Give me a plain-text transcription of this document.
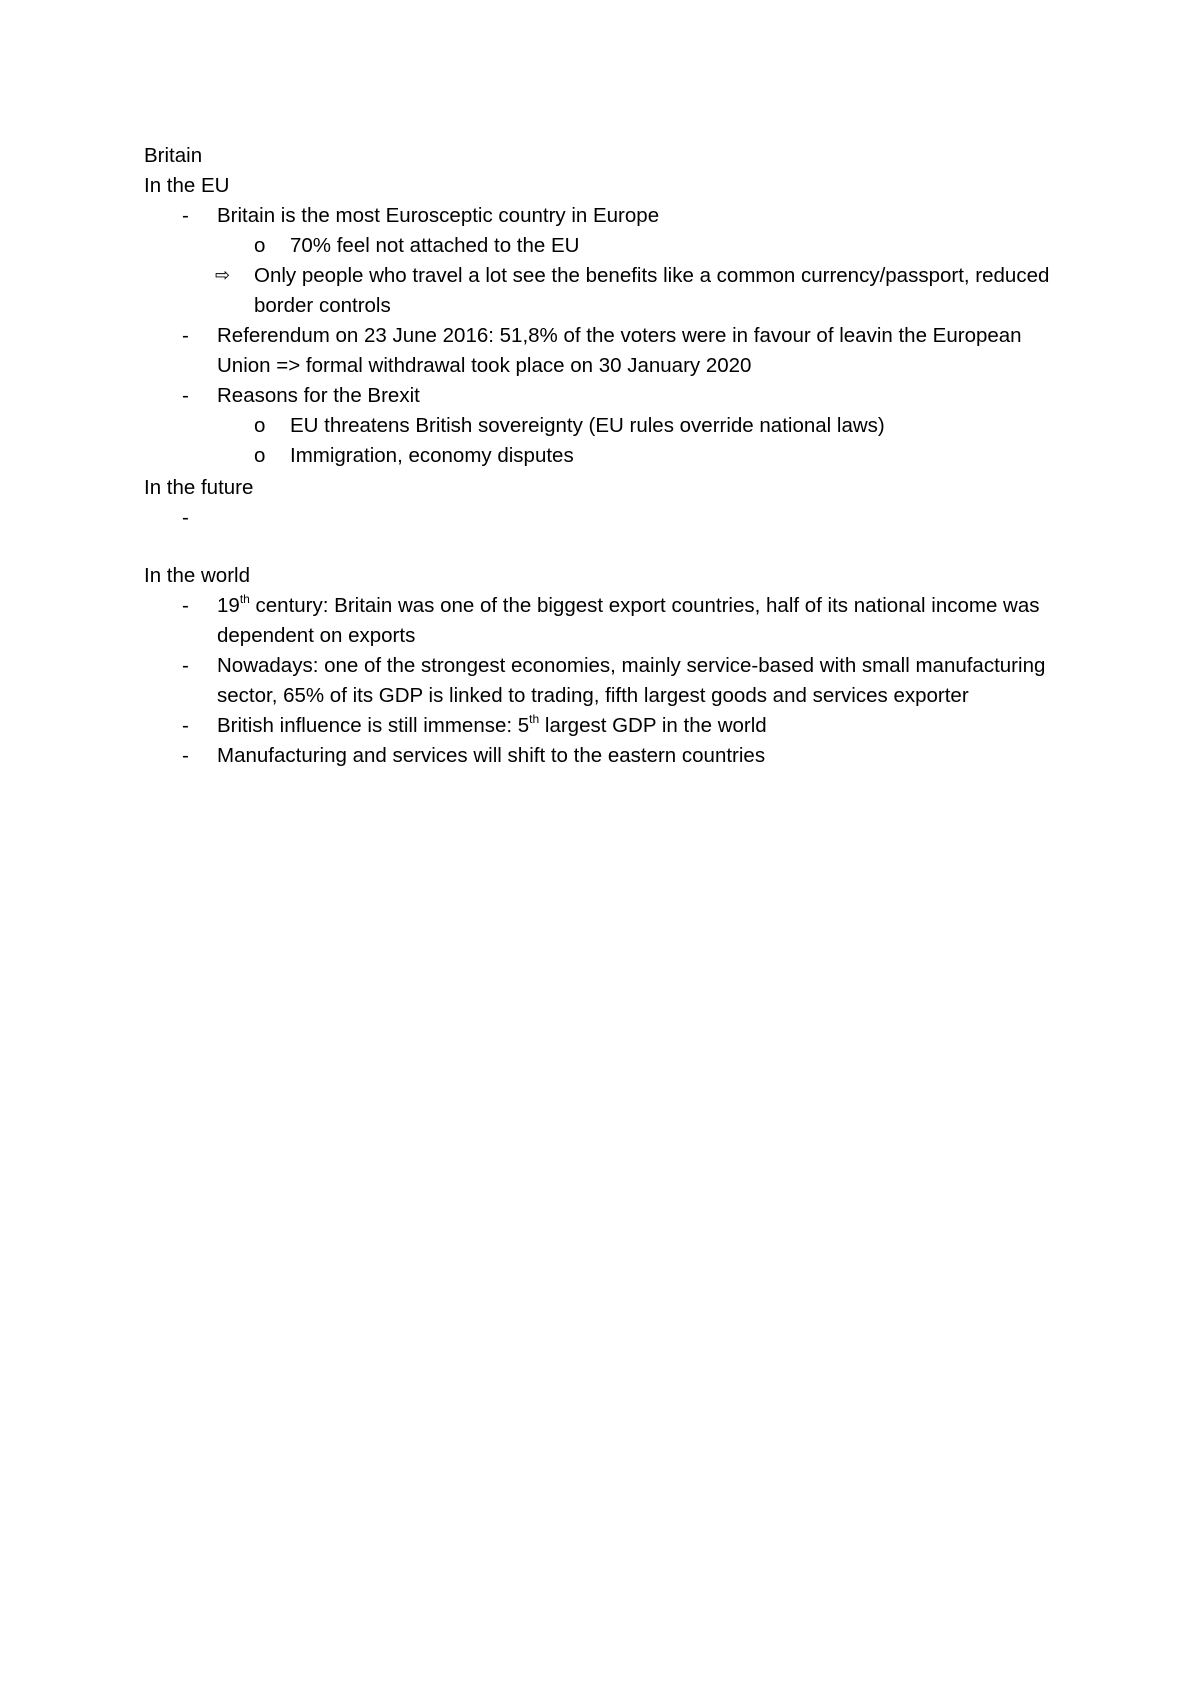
Britain
In the EU
- Britain is the most Eurosceptic country in Europe
o 70% feel not attached to the EU
⇨ Only people who travel a lot see the benefits like a common currency/passport, reduced border controls
- Referendum on 23 June 2016: 51,8% of the voters were in favour of leavin the European Union => formal withdrawal took place on 30 January 2020
- Reasons for the Brexit
o EU threatens British sovereignty (EU rules override national laws)
o Immigration, economy disputes
In the future
-
In the world
- 19th century: Britain was one of the biggest export countries, half of its national income was dependent on exports
- Nowadays: one of the strongest economies, mainly service-based with small manufacturing sector, 65% of its GDP is linked to trading, fifth largest goods and services exporter
- British influence is still immense: 5th largest GDP in the world
- Manufacturing and services will shift to the eastern countries
